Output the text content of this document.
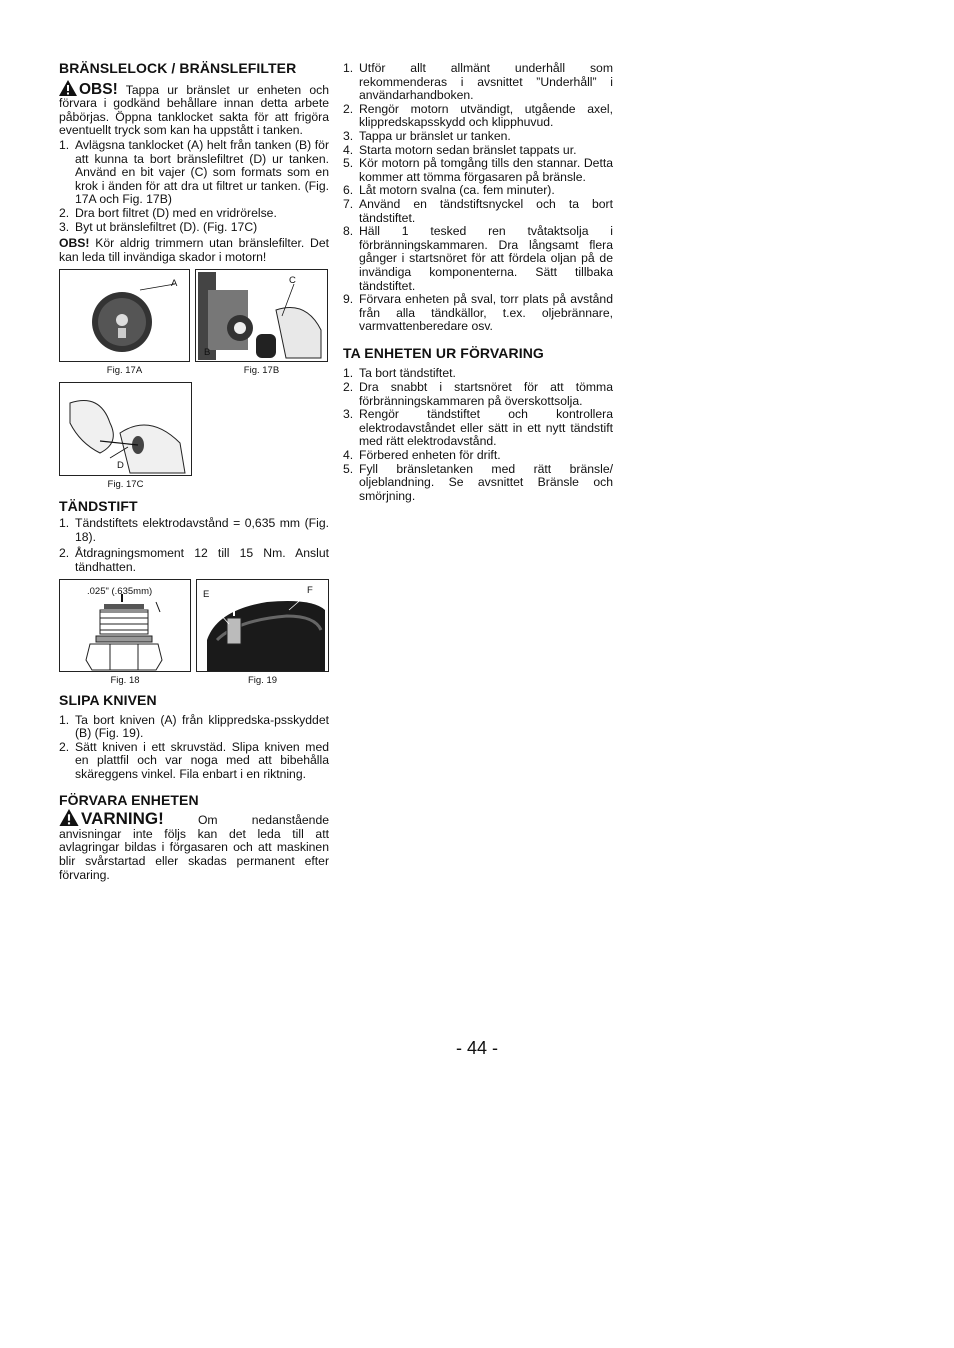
BRÄNSLELOCK / BRÄNSLEFILTER

OBS! Tappa ur bränslet ur enheten och förvara i godkänd behållare innan detta arbete påbörjas. Öppna tanklocket sakta för att frigöra eventuellt tryck som kan ha uppstått i tanken.

1. Avlägsna tanklocket (A) helt från tanken (B) för att kunna ta bort bränslefiltret (D) ur tanken. Använd en bit vajer (C) som formats som en krok i änden för att dra ut filtret ur tanken. (Fig. 17A och Fig. 17B)
2. Dra bort filtret (D) med en vridrörelse.
3. Byt ut bränslefiltret (D). (Fig. 17C)

OBS! Kör aldrig trimmern utan bränslefilter. Det kan leda till invändiga skador i motorn!

A
Fig. 17A
C
B
Fig. 17B
D
Fig. 17C
TÄNDSTIFT
1. Tändstiftets elektrodavstånd = 0,635 mm (Fig. 18).
2. Åtdragningsmoment 12 till 15 Nm. Anslut tändhatten.
.025" (.635mm)
Fig. 18
E	F
Fig. 19
SLIPA KNIVEN
1. Ta bort kniven (A) från klippredska-psskyddet (B) (Fig. 19).
2. Sätt kniven i ett skruvstäd. Slipa kniven med en plattfil och var noga med att bibehålla skäreggens vinkel. Fila enbart i en riktning.
FÖRVARA ENHETEN

VARNING!	Om nedanstående anvisningar inte följs kan det leda till att avlagringar bildas i förgasaren och att maskinen blir svårstartad eller skadas permanent efter förvaring.

1. Utför allt allmänt underhåll som rekommenderas i avsnittet ”Underhåll” i användarhandboken.
2. Rengör motorn utvändigt, utgående axel, klippredskapsskydd och klipphuvud.
3. Tappa ur bränslet ur tanken.
4. Starta motorn sedan bränslet tappats ur.
5. Kör motorn på tomgång tills den stannar. Detta kommer att tömma förgasaren på bränsle.
6. Låt motorn svalna (ca. fem minuter).
7. Använd en tändstiftsnyckel och ta bort tändstiftet.
8. Häll 1 tesked ren tvåtaktsolja i förbränningskammaren. Dra långsamt flera gånger i startsnöret för att fördela oljan på de invändiga komponenterna. Sätt tillbaka tändstiftet.
9. Förvara enheten på sval, torr plats på avstånd från alla tändkällor, t.ex. oljebrännare, varmvattenberedare osv.
TA ENHETEN UR FÖRVARING
1. Ta bort tändstiftet.
2. Dra snabbt i startsnöret för att tömma förbränningskammaren på överskottsolja.
3. Rengör tändstiftet och kontrollera elektrodavståndet eller sätt in ett nytt tändstift med rätt elektrodavstånd.
4. Förbered enheten för drift.
5. Fyll bränsletanken med rätt bränsle/ oljeblandning. Se avsnittet Bränsle och smörjning.
- 44 -
